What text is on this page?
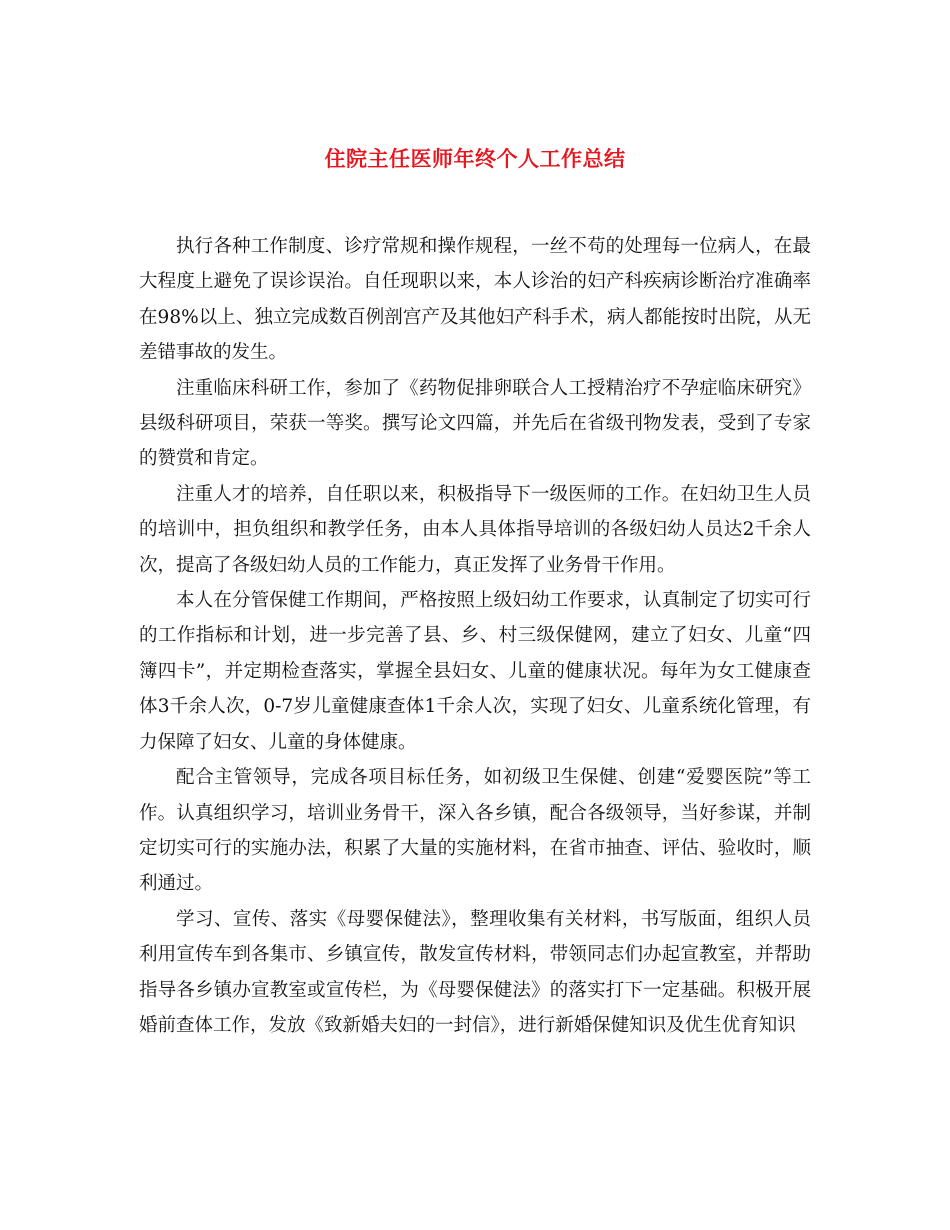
住院主任医师年终个人工作总结

执行各种工作制度、诊疗常规和操作规程，一丝不苟的处理每一位病人，在最大程度上避免了误诊误治。自任现职以来，本人诊治的妇产科疾病诊断治疗准确率在98%以上、独立完成数百例剖宫产及其他妇产科手术，病人都能按时出院，从无差错事故的发生。

注重临床科研工作，参加了《药物促排卵联合人工授精治疗不孕症临床研究》县级科研项目，荣获一等奖。撰写论文四篇，并先后在省级刊物发表，受到了专家的赞赏和肯定。

注重人才的培养，自任职以来，积极指导下一级医师的工作。在妇幼卫生人员的培训中，担负组织和教学任务，由本人具体指导培训的各级妇幼人员达2千余人次，提高了各级妇幼人员的工作能力，真正发挥了业务骨干作用。

本人在分管保健工作期间，严格按照上级妇幼工作要求，认真制定了切实可行的工作指标和计划，进一步完善了县、乡、村三级保健网，建立了妇女、儿童“四簿四卡”，并定期检查落实，掌握全县妇女、儿童的健康状况。每年为女工健康查体3千余人次，0-7岁儿童健康查体1千余人次，实现了妇女、儿童系统化管理，有力保障了妇女、儿童的身体健康。

配合主管领导，完成各项目标任务，如初级卫生保健、创建“爱婴医院”等工作。认真组织学习，培训业务骨干，深入各乡镇，配合各级领导，当好参谋，并制定切实可行的实施办法，积累了大量的实施材料，在省市抽查、评估、验收时，顺利通过。

学习、宣传、落实《母婴保健法》，整理收集有关材料，书写版面，组织人员利用宣传车到各集市、乡镇宣传，散发宣传材料，带领同志们办起宣教室，并帮助指导各乡镇办宣教室或宣传栏，为《母婴保健法》的落实打下一定基础。积极开展婚前查体工作，发放《致新婚夫妇的一封信》，进行新婚保健知识及优生优育知识
